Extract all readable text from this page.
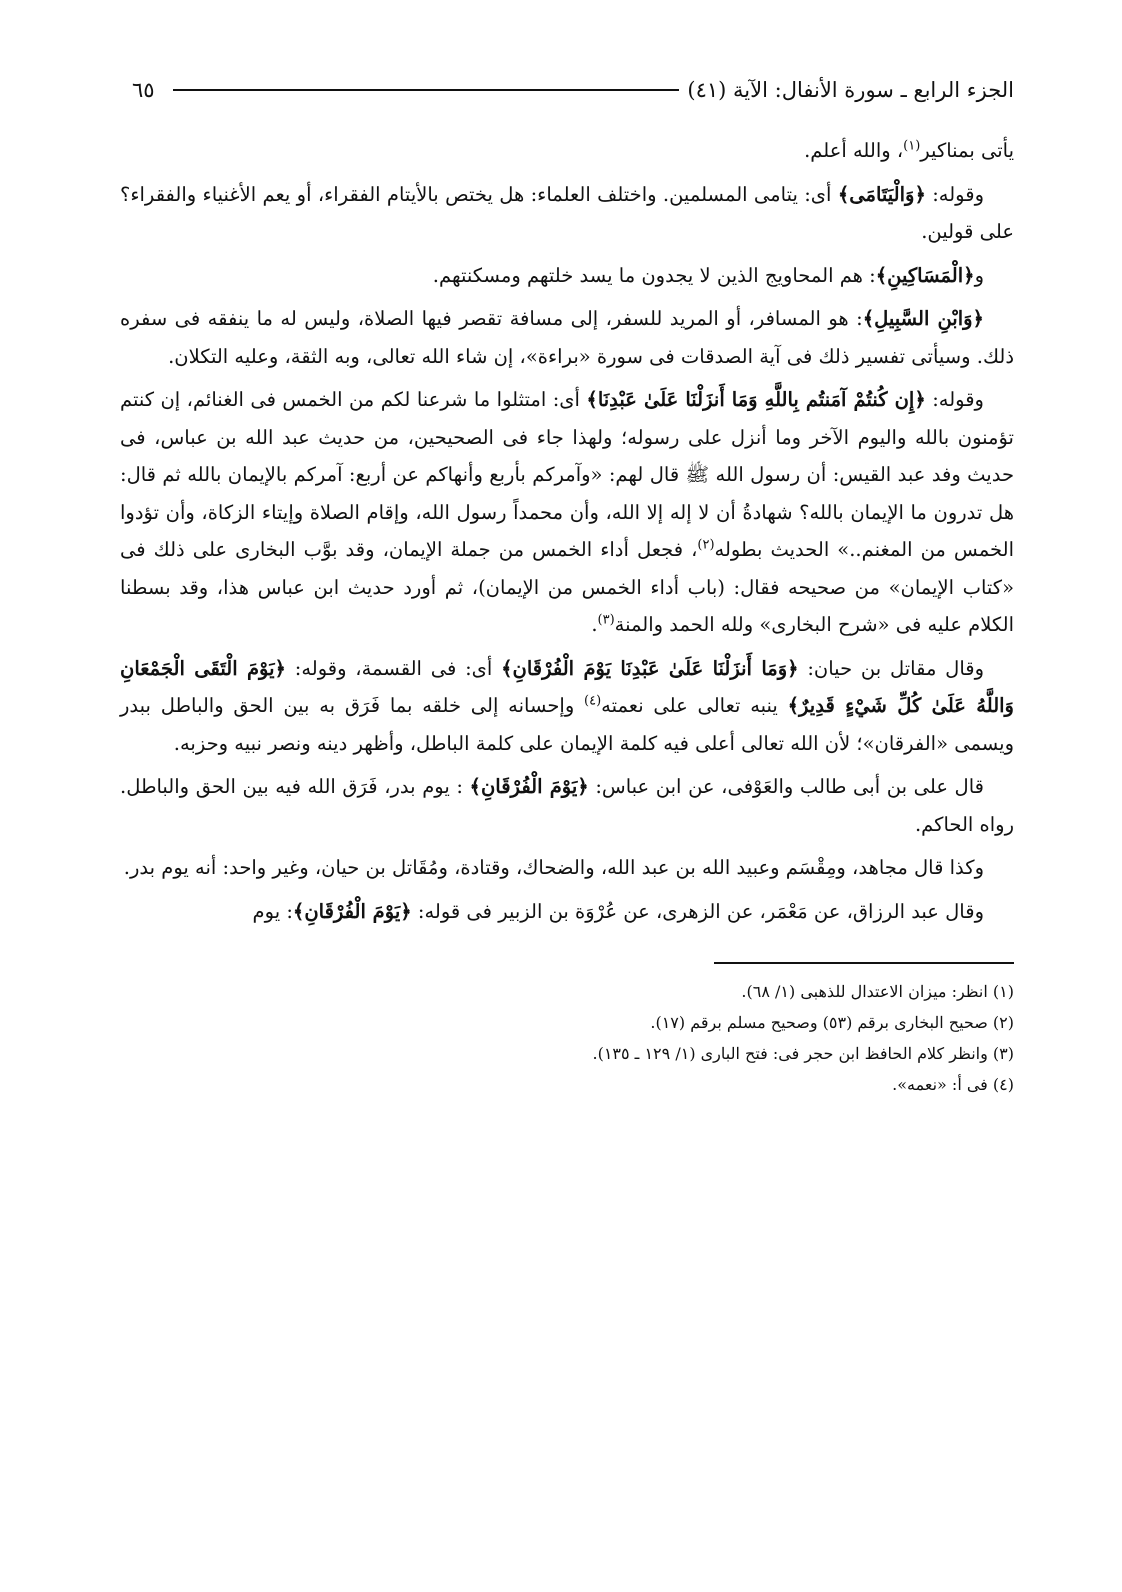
الجزء الرابع ـ سورة الأنفال: الآية (٤١)
٦٥

يأتى بمناكير$^{(١)}$، والله أعلم.

وقوله: ﴿وَالْيَتَامَى﴾ أى: يتامى المسلمين. واختلف العلماء: هل يختص بالأيتام الفقراء، أو يعم الأغنياء والفقراء؟ على قولين.

و﴿الْمَسَاكِينِ﴾: هم المحاويج الذين لا يجدون ما يسد خلتهم ومسكنتهم.

﴿وَابْنِ السَّبِيلِ﴾: هو المسافر، أو المريد للسفر، إلى مسافة تقصر فيها الصلاة، وليس له ما ينفقه فى سفره ذلك. وسيأتى تفسير ذلك فى آية الصدقات فى سورة «براءة»، إن شاء الله تعالى، وبه الثقة، وعليه التكلان.

وقوله: ﴿إِن كُنتُمْ آمَنتُم بِاللَّهِ وَمَا أَنزَلْنَا عَلَىٰ عَبْدِنَا﴾ أى: امتثلوا ما شرعنا لكم من الخمس فى الغنائم، إن كنتم تؤمنون بالله واليوم الآخر وما أنزل على رسوله؛ ولهذا جاء فى الصحيحين، من حديث عبد الله بن عباس، فى حديث وفد عبد القيس: أن رسول الله ﷺ قال لهم: «وآمركم بأربع وأنهاكم عن أربع: آمركم بالإيمان بالله ثم قال: هل تدرون ما الإيمان بالله؟ شهادةُ أن لا إله إلا الله، وأن محمداً رسول الله، وإقام الصلاة وإيتاء الزكاة، وأن تؤدوا الخمس من المغنم..» الحديث بطوله$^{(٢)}$، فجعل أداء الخمس من جملة الإيمان، وقد بوَّب البخارى على ذلك فى «كتاب الإيمان» من صحيحه فقال: (باب أداء الخمس من الإيمان)، ثم أورد حديث ابن عباس هذا، وقد بسطنا الكلام عليه فى «شرح البخارى» ولله الحمد والمنة$^{(٣)}$.

وقال مقاتل بن حيان: ﴿وَمَا أَنزَلْنَا عَلَىٰ عَبْدِنَا يَوْمَ الْفُرْقَانِ﴾ أى: فى القسمة، وقوله: ﴿يَوْمَ الْتَقَى الْجَمْعَانِ وَاللَّهُ عَلَىٰ كُلِّ شَيْءٍ قَدِيرٌ﴾ ينبه تعالى على نعمته$^{(٤)}$ وإحسانه إلى خلقه بما فَرَق به بين الحق والباطل ببدر ويسمى «الفرقان»؛ لأن الله تعالى أعلى فيه كلمة الإيمان على كلمة الباطل، وأظهر دينه ونصر نبيه وحزبه.

قال على بن أبى طالب والعَوْفى، عن ابن عباس: ﴿يَوْمَ الْفُرْقَانِ﴾ : يوم بدر، فَرَق الله فيه بين الحق والباطل. رواه الحاكم.

وكذا قال مجاهد، ومِقْسَم وعبيد الله بن عبد الله، والضحاك، وقتادة، ومُقَاتل بن حيان، وغير واحد: أنه يوم بدر.

وقال عبد الرزاق، عن مَعْمَر، عن الزهرى، عن عُرْوَة بن الزبير فى قوله: ﴿يَوْمَ الْفُرْقَانِ﴾: يوم

(١) انظر: ميزان الاعتدال للذهبى (١/ ٦٨).

(٢) صحيح البخارى برقم (٥٣) وصحيح مسلم برقم (١٧).

(٣) وانظر كلام الحافظ ابن حجر فى: فتح البارى (١/ ١٢٩ ـ ١٣٥).

(٤) فى أ: «نعمه».
